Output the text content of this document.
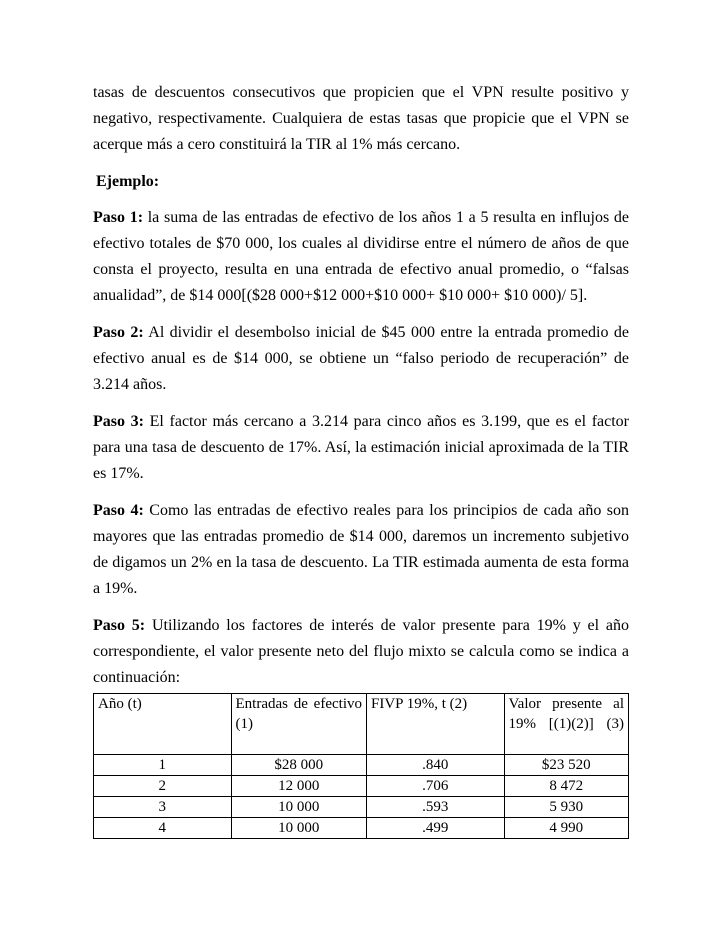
tasas de descuentos consecutivos que propicien que el VPN resulte positivo y negativo, respectivamente. Cualquiera de estas tasas que propicie que el VPN se acerque más a cero constituirá la TIR al 1% más cercano.

Ejemplo:

Paso 1: la suma de las entradas de efectivo de los años 1 a 5 resulta en influjos de efectivo totales de $70 000, los cuales al dividirse entre el número de años de que consta el proyecto, resulta en una entrada de efectivo anual promedio, o “falsas anualidad”, de $14 000[($28 000+$12 000+$10 000+ $10 000+ $10 000)/ 5].

Paso 2: Al dividir el desembolso inicial de $45 000 entre la entrada promedio de efectivo anual es de $14 000, se obtiene un “falso periodo de recuperación” de 3.214 años.

Paso 3: El factor más cercano a 3.214 para cinco años es 3.199, que es el factor para una tasa de descuento de 17%. Así, la estimación inicial aproximada de la TIR es 17%.

Paso 4: Como las entradas de efectivo reales para los principios de cada año son mayores que las entradas promedio de $14 000, daremos un incremento subjetivo de digamos un 2% en la tasa de descuento. La TIR estimada aumenta de esta forma a 19%.

Paso 5: Utilizando los factores de interés de valor presente para 19% y el año correspondiente, el valor presente neto del flujo mixto se calcula como se indica a continuación:

Año (t)	Entradas de efectivo (1)	FIVP 19%, t (2)	Valor presente al 19% [(1)(2)] (3)
1	$28 000	.840	$23 520
2	12 000	.706	8 472
3	10 000	.593	5 930
4	10 000	.499	4 990
